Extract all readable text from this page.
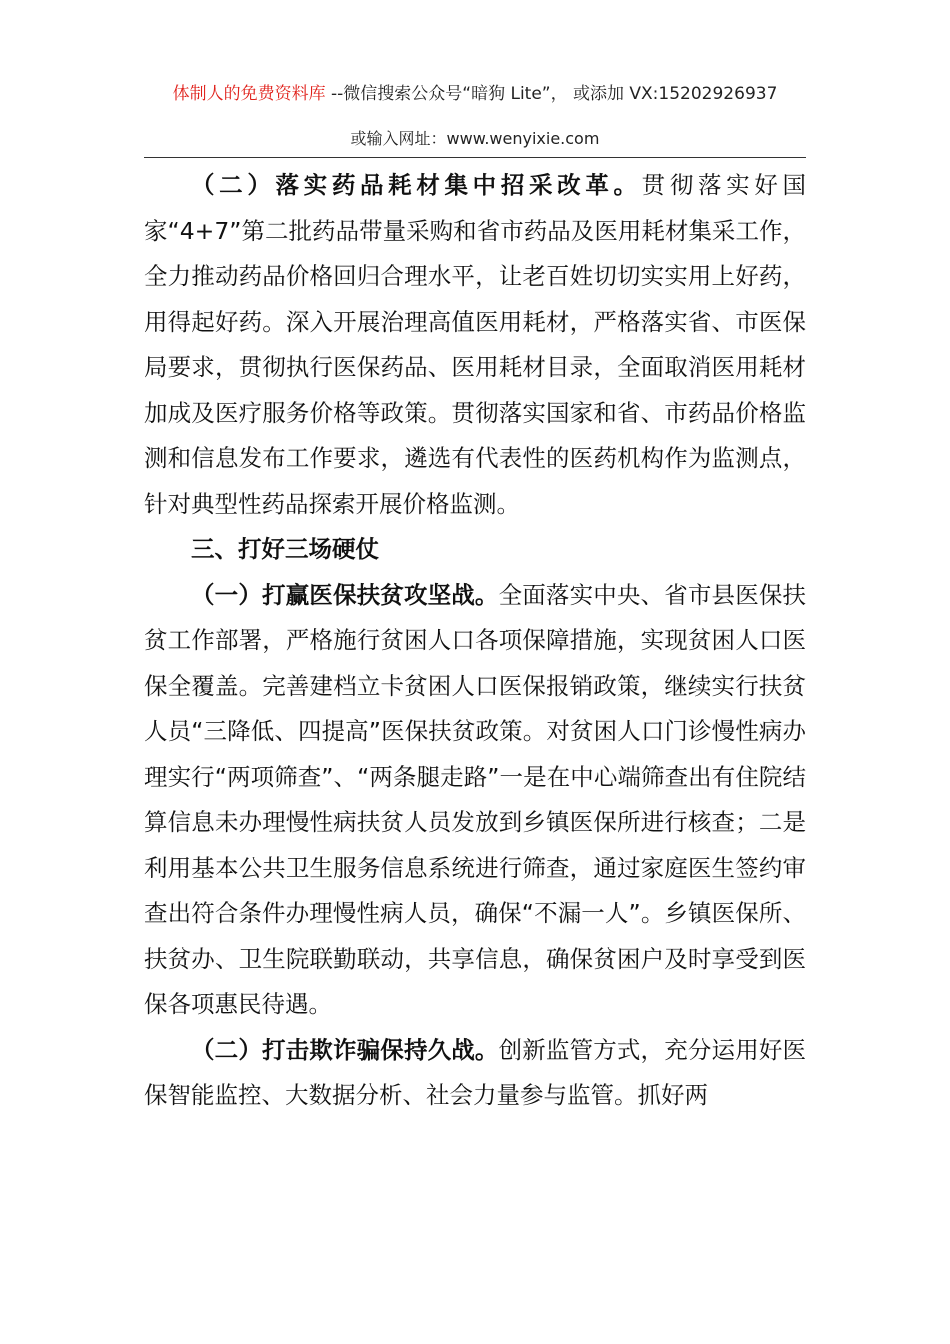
体制人的免费资料库 --微信搜索公众号“暗狗 Lite”， 或添加 VX:15202926937
或输入网址：www.wenyixie.com

（二）落实药品耗材集中招采改革。贯彻落实好国家“4+7”第二批药品带量采购和省市药品及医用耗材集采工作，全力推动药品价格回归合理水平，让老百姓切切实实用上好药，用得起好药。深入开展治理高值医用耗材，严格落实省、市医保局要求，贯彻执行医保药品、医用耗材目录，全面取消医用耗材加成及医疗服务价格等政策。贯彻落实国家和省、市药品价格监测和信息发布工作要求，遴选有代表性的医药机构作为监测点，针对典型性药品探索开展价格监测。

三、打好三场硬仗

（一）打赢医保扶贫攻坚战。全面落实中央、省市县医保扶贫工作部署，严格施行贫困人口各项保障措施，实现贫困人口医保全覆盖。完善建档立卡贫困人口医保报销政策，继续实行扶贫人员“三降低、四提高”医保扶贫政策。对贫困人口门诊慢性病办理实行“两项筛查”、“两条腿走路”一是在中心端筛查出有住院结算信息未办理慢性病扶贫人员发放到乡镇医保所进行核查；二是利用基本公共卫生服务信息系统进行筛查，通过家庭医生签约审查出符合条件办理慢性病人员，确保“不漏一人”。乡镇医保所、扶贫办、卫生院联勤联动，共享信息，确保贫困户及时享受到医保各项惠民待遇。

（二）打击欺诈骗保持久战。创新监管方式，充分运用好医保智能监控、大数据分析、社会力量参与监管。抓好两
